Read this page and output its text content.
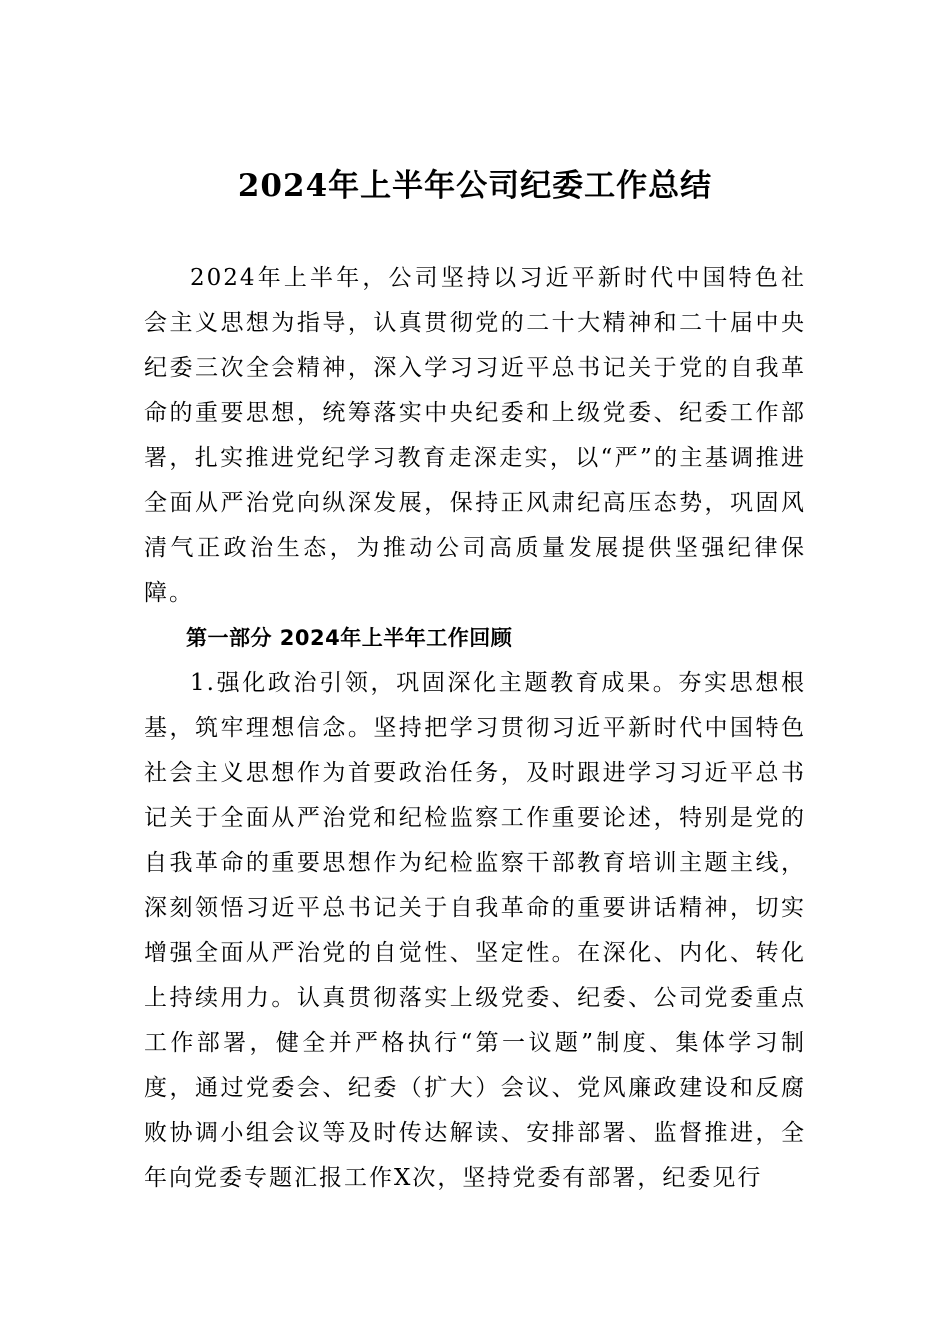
2024年上半年公司纪委工作总结

2024年上半年，公司坚持以习近平新时代中国特色社会主义思想为指导，认真贯彻党的二十大精神和二十届中央纪委三次全会精神，深入学习习近平总书记关于党的自我革命的重要思想，统筹落实中央纪委和上级党委、纪委工作部署，扎实推进党纪学习教育走深走实，以“严”的主基调推进全面从严治党向纵深发展，保持正风肃纪高压态势，巩固风清气正政治生态，为推动公司高质量发展提供坚强纪律保障。

第一部分 2024年上半年工作回顾

1.强化政治引领，巩固深化主题教育成果。夯实思想根基，筑牢理想信念。坚持把学习贯彻习近平新时代中国特色社会主义思想作为首要政治任务，及时跟进学习习近平总书记关于全面从严治党和纪检监察工作重要论述，特别是党的自我革命的重要思想作为纪检监察干部教育培训主题主线，深刻领悟习近平总书记关于自我革命的重要讲话精神，切实增强全面从严治党的自觉性、坚定性。在深化、内化、转化上持续用力。认真贯彻落实上级党委、纪委、公司党委重点工作部署，健全并严格执行“第一议题”制度、集体学习制度，通过党委会、纪委（扩大）会议、党风廉政建设和反腐败协调小组会议等及时传达解读、安排部署、监督推进，全年向党委专题汇报工作X次，坚持党委有部署，纪委见行
